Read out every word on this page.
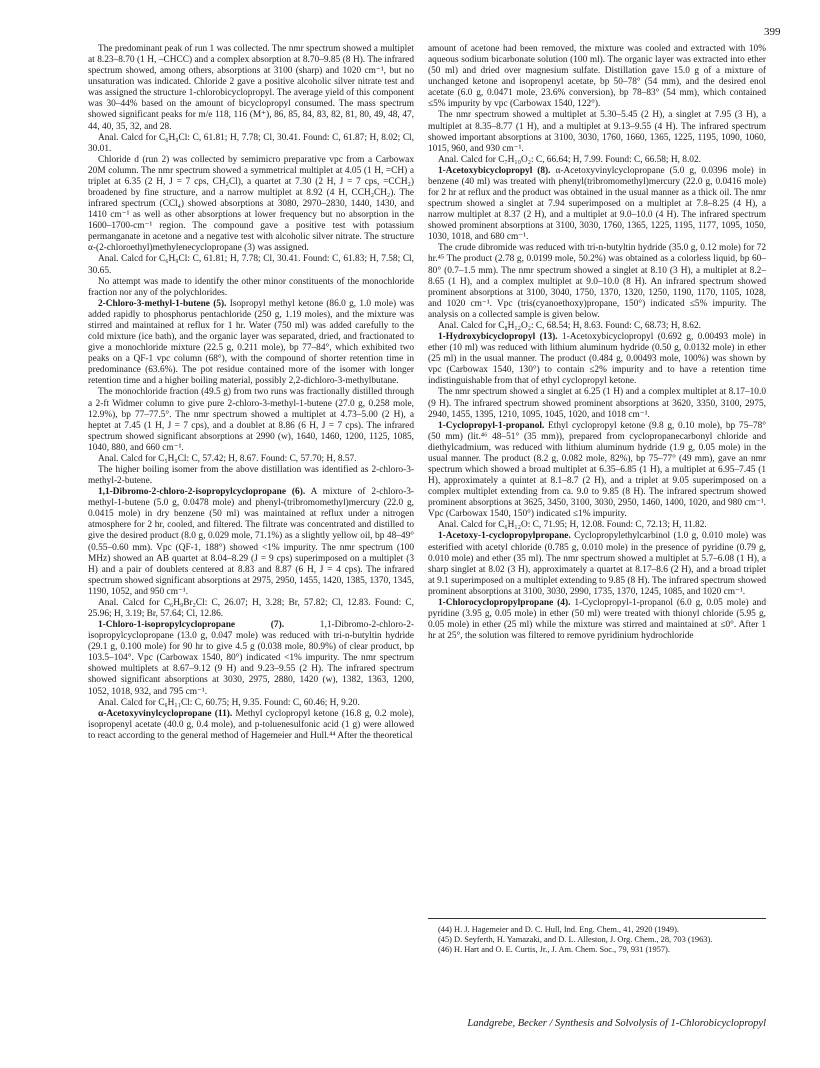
399

The predominant peak of run 1 was collected. The nmr spectrum showed a multiplet at 8.23–8.70 (1 H, –CHCC) and a complex absorption at 8.70–9.85 (8 H). The infrared spectrum showed, among others, absorptions at 3100 (sharp) and 1020 cm⁻¹, but no unsaturation was indicated. Chloride 2 gave a positive alcoholic silver nitrate test and was assigned the structure 1-chlorobicyclopropyl. The average yield of this component was 30–44% based on the amount of bicyclopropyl consumed. The mass spectrum showed significant peaks for m/e 118, 116 (M⁺), 86, 85, 84, 83, 82, 81, 80, 49, 48, 47, 44, 40, 35, 32, and 28.

Anal. Calcd for C₆H₉Cl: C, 61.81; H, 7.78; Cl, 30.41. Found: C, 61.87; H, 8.02; Cl, 30.01.

Chloride d (run 2) was collected by semimicro preparative vpc from a Carbowax 20M column. The nmr spectrum showed a symmetrical multiplet at 4.05 (1 H, =CH) a triplet at 6.35 (2 H, J = 7 cps, CH₂Cl), a quartet at 7.30 (2 H, J = 7 cps, =CCH₂) broadened by fine structure, and a narrow multiplet at 8.92 (4 H, CCH₂CH₂). The infrared spectrum (CCl₄) showed absorptions at 3080, 2970–2830, 1440, 1430, and 1410 cm⁻¹ as well as other absorptions at lower frequency but no absorption in the 1600–1700-cm⁻¹ region. The compound gave a positive test with potassium permanganate in acetone and a negative test with alcoholic silver nitrate. The structure α-(2-chloroethyl)methylenecyclopropane (3) was assigned.

Anal. Calcd for C₆H₉Cl: C, 61.81; H, 7.78; Cl, 30.41. Found: C, 61.83; H, 7.58; Cl, 30.65.

No attempt was made to identify the other minor constituents of the monochloride fraction nor any of the polychlorides.

2-Chloro-3-methyl-1-butene (5). Isopropyl methyl ketone (86.0 g, 1.0 mole) was added rapidly to phosphorus pentachloride (250 g, 1.19 moles), and the mixture was stirred and maintained at reflux for 1 hr. Water (750 ml) was added carefully to the cold mixture (ice bath), and the organic layer was separated, dried, and fractionated to give a monochloride mixture (22.5 g, 0.211 mole), bp 77–84°, which exhibited two peaks on a QF-1 vpc column (68°), with the compound of shorter retention time in predominance (63.6%). The pot residue contained more of the isomer with longer retention time and a higher boiling material, possibly 2,2-dichloro-3-methylbutane.

The monochloride fraction (49.5 g) from two runs was fractionally distilled through a 2-ft Widmer column to give pure 2-chloro-3-methyl-1-butene (27.0 g, 0.258 mole, 12.9%), bp 77–77.5°. The nmr spectrum showed a multiplet at 4.73–5.00 (2 H), a heptet at 7.45 (1 H, J = 7 cps), and a doublet at 8.86 (6 H, J = 7 cps). The infrared spectrum showed significant absorptions at 2990 (w), 1640, 1460, 1200, 1125, 1085, 1040, 880, and 660 cm⁻¹.

Anal. Calcd for C₅H₉Cl: C, 57.42; H, 8.67. Found: C, 57.70; H, 8.57.

The higher boiling isomer from the above distillation was identified as 2-chloro-3-methyl-2-butene.

1,1-Dibromo-2-chloro-2-isopropylcyclopropane (6). A mixture of 2-chloro-3-methyl-1-butene (5.0 g, 0.0478 mole) and phenyl-(tribromomethyl)mercury (22.0 g, 0.0415 mole) in dry benzene (50 ml) was maintained at reflux under a nitrogen atmosphere for 2 hr, cooled, and filtered. The filtrate was concentrated and distilled to give the desired product (8.0 g, 0.029 mole, 71.1%) as a slightly yellow oil, bp 48–49° (0.55–0.60 mm). Vpc (QF-1, 188°) showed <1% impurity. The nmr spectrum (100 MHz) showed an AB quartet at 8.04–8.29 (J = 9 cps) superimposed on a multiplet (3 H) and a pair of doublets centered at 8.83 and 8.87 (6 H, J = 4 cps). The infrared spectrum showed significant absorptions at 2975, 2950, 1455, 1420, 1385, 1370, 1345, 1190, 1052, and 950 cm⁻¹.

Anal. Calcd for C₆H₉Br₂Cl: C, 26.07; H, 3.28; Br, 57.82; Cl, 12.83. Found: C, 25.96; H, 3.19; Br, 57.64; Cl, 12.86.

1-Chloro-1-isopropylcyclopropane (7). 1,1-Dibromo-2-chloro-2-isopropylcyclopropane (13.0 g, 0.047 mole) was reduced with tri-n-butyltin hydride (29.1 g, 0.100 mole) for 90 hr to give 4.5 g (0.038 mole, 80.9%) of clear product, bp 103.5–104°. Vpc (Carbowax 1540, 80°) indicated <1% impurity. The nmr spectrum showed multiplets at 8.67–9.12 (9 H) and 9.23–9.55 (2 H). The infrared spectrum showed significant absorptions at 3030, 2975, 2880, 1420 (w), 1382, 1363, 1200, 1052, 1018, 932, and 795 cm⁻¹.

Anal. Calcd for C₆H₁₁Cl: C, 60.75; H, 9.35. Found: C, 60.46; H, 9.20.

α-Acetoxyvinylcyclopropane (11). Methyl cyclopropyl ketone (16.8 g, 0.2 mole), isopropenyl acetate (40.0 g, 0.4 mole), and p-toluenesulfonic acid (1 g) were allowed to react according to the general method of Hagemeier and Hull.⁴⁴ After the theoretical

amount of acetone had been removed, the mixture was cooled and extracted with 10% aqueous sodium bicarbonate solution (100 ml). The organic layer was extracted into ether (50 ml) and dried over magnesium sulfate. Distillation gave 15.0 g of a mixture of unchanged ketone and isopropenyl acetate, bp 50–78° (54 mm), and the desired enol acetate (6.0 g, 0.0471 mole, 23.6% conversion), bp 78–83° (54 mm), which contained ≤5% impurity by vpc (Carbowax 1540, 122°).

The nmr spectrum showed a multiplet at 5.30–5.45 (2 H), a singlet at 7.95 (3 H), a multiplet at 8.35–8.77 (1 H), and a multiplet at 9.13–9.55 (4 H). The infrared spectrum showed important absorptions at 3100, 3030, 1760, 1660, 1365, 1225, 1195, 1090, 1060, 1015, 960, and 930 cm⁻¹.

Anal. Calcd for C₇H₁₀O₂: C, 66.64; H, 7.99. Found: C, 66.58; H, 8.02.

1-Acetoxybicyclopropyl (8). α-Acetoxyvinylcyclopropane (5.0 g, 0.0396 mole) in benzene (40 ml) was treated with phenyl(tribromomethyl)mercury (22.0 g, 0.0416 mole) for 2 hr at reflux and the product was obtained in the usual manner as a thick oil. The nmr spectrum showed a singlet at 7.94 superimposed on a multiplet at 7.8–8.25 (4 H), a narrow multiplet at 8.37 (2 H), and a multiplet at 9.0–10.0 (4 H). The infrared spectrum showed prominent absorptions at 3100, 3030, 1760, 1365, 1225, 1195, 1177, 1095, 1050, 1030, 1018, and 680 cm⁻¹.

The crude dibromide was reduced with tri-n-butyltin hydride (35.0 g, 0.12 mole) for 72 hr.⁴⁵ The product (2.78 g, 0.0199 mole, 50.2%) was obtained as a colorless liquid, bp 60–80° (0.7–1.5 mm). The nmr spectrum showed a singlet at 8.10 (3 H), a multiplet at 8.2–8.65 (1 H), and a complex multiplet at 9.0–10.0 (8 H). An infrared spectrum showed prominent absorptions at 3100, 3040, 1750, 1370, 1320, 1250, 1190, 1170, 1105, 1028, and 1020 cm⁻¹. Vpc (tris(cyanoethoxy)propane, 150°) indicated ≤5% impurity. The analysis on a collected sample is given below.

Anal. Calcd for C₈H₁₂O₂: C, 68.54; H, 8.63. Found: C, 68.73; H, 8.62.

1-Hydroxybicyclopropyl (13). 1-Acetoxybicyclopropyl (0.692 g, 0.00493 mole) in ether (10 ml) was reduced with lithium aluminum hydride (0.50 g, 0.0132 mole) in ether (25 ml) in the usual manner. The product (0.484 g, 0.00493 mole, 100%) was shown by vpc (Carbowax 1540, 130°) to contain ≤2% impurity and to have a retention time indistinguishable from that of ethyl cyclopropyl ketone.

The nmr spectrum showed a singlet at 6.25 (1 H) and a complex multiplet at 8.17–10.0 (9 H). The infrared spectrum showed prominent absorptions at 3620, 3350, 3100, 2975, 2940, 1455, 1395, 1210, 1095, 1045, 1020, and 1018 cm⁻¹.

1-Cyclopropyl-1-propanol. Ethyl cyclopropyl ketone (9.8 g, 0.10 mole), bp 75–78° (50 mm) (lit.⁴⁶ 48–51° (35 mm)), prepared from cyclopropanecarbonyl chloride and diethylcadmium, was reduced with lithium aluminum hydride (1.9 g, 0.05 mole) in the usual manner. The product (8.2 g, 0.082 mole, 82%), bp 75–77° (49 mm), gave an nmr spectrum which showed a broad multiplet at 6.35–6.85 (1 H), a multiplet at 6.95–7.45 (1 H), approximately a quintet at 8.1–8.7 (2 H), and a triplet at 9.05 superimposed on a complex multiplet extending from ca. 9.0 to 9.85 (8 H). The infrared spectrum showed prominent absorptions at 3625, 3450, 3100, 3030, 2950, 1460, 1400, 1020, and 980 cm⁻¹. Vpc (Carbowax 1540, 150°) indicated ≤1% impurity.

Anal. Calcd for C₆H₁₂O: C, 71.95; H, 12.08. Found: C, 72.13; H, 11.82.

1-Acetoxy-1-cyclopropylpropane. Cyclopropylethylcarbinol (1.0 g, 0.010 mole) was esterified with acetyl chloride (0.785 g, 0.010 mole) in the presence of pyridine (0.79 g, 0.010 mole) and ether (35 ml). The nmr spectrum showed a multiplet at 5.7–6.08 (1 H), a sharp singlet at 8.02 (3 H), approximately a quartet at 8.17–8.6 (2 H), and a broad triplet at 9.1 superimposed on a multiplet extending to 9.85 (8 H). The infrared spectrum showed prominent absorptions at 3100, 3030, 2990, 1735, 1370, 1245, 1085, and 1020 cm⁻¹.

1-Chlorocyclopropylpropane (4). 1-Cyclopropyl-1-propanol (6.0 g, 0.05 mole) and pyridine (3.95 g, 0.05 mole) in ether (50 ml) were treated with thionyl chloride (5.95 g, 0.05 mole) in ether (25 ml) while the mixture was stirred and maintained at ≤0°. After 1 hr at 25°, the solution was filtered to remove pyridinium hydrochloride

(44) H. J. Hagemeier and D. C. Hull, Ind. Eng. Chem., 41, 2920 (1949).
(45) D. Seyferth, H. Yamazaki, and D. L. Alleston, J. Org. Chem., 28, 703 (1963).
(46) H. Hart and O. E. Curtis, Jr., J. Am. Chem. Soc., 79, 931 (1957).
Landgrebe, Becker / Synthesis and Solvolysis of 1-Chlorobicyclopropyl
